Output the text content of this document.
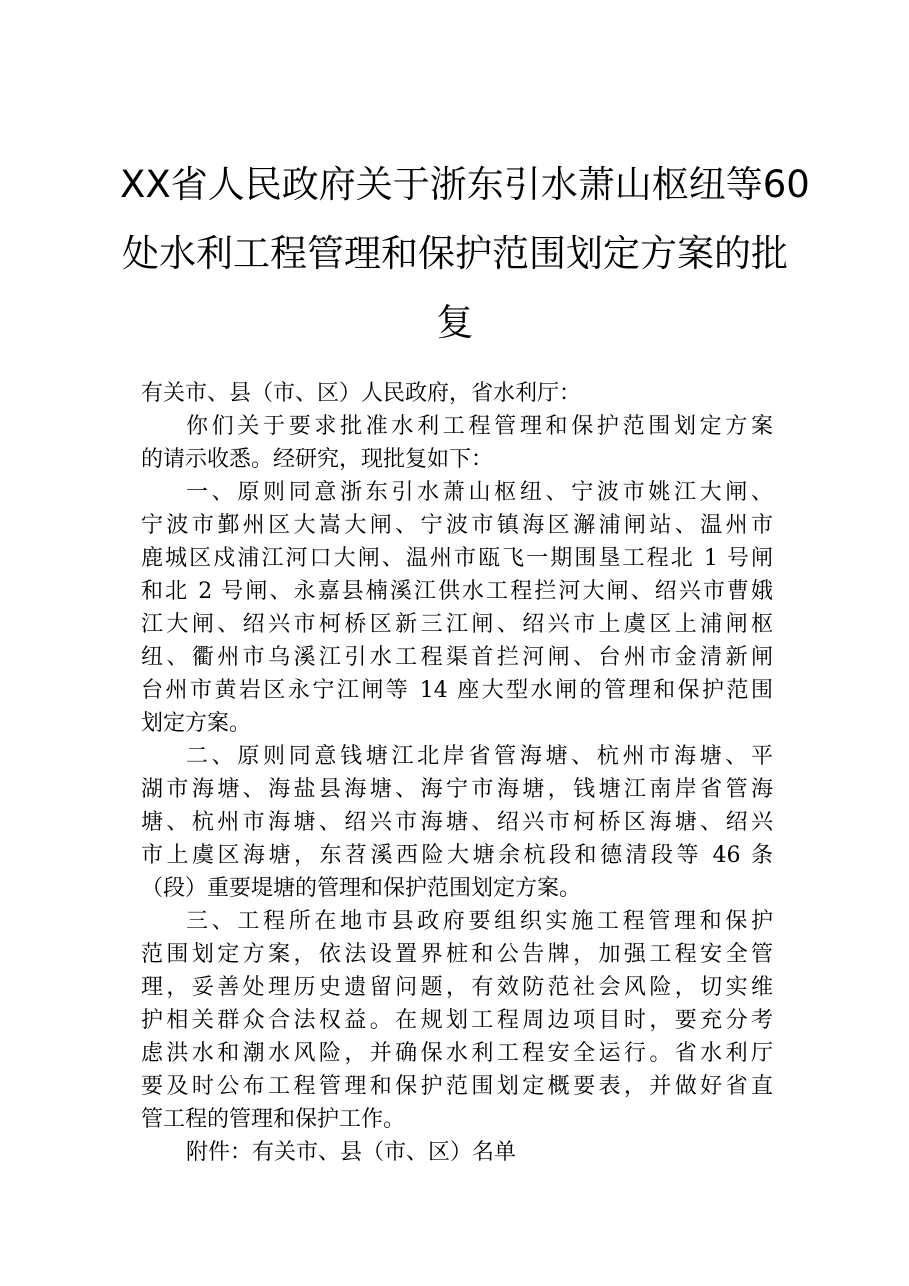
XX省人民政府关于浙东引水萧山枢纽等60
处水利工程管理和保护范围划定方案的批
复

有关市、县（市、区）人民政府，省水利厅：

你们关于要求批准水利工程管理和保护范围划定方案
的请示收悉。经研究，现批复如下：

一、原则同意浙东引水萧山枢纽、宁波市姚江大闸、
宁波市鄞州区大嵩大闸、宁波市镇海区澥浦闸站、温州市
鹿城区戍浦江河口大闸、温州市瓯飞一期围垦工程北 1 号闸
和北 2 号闸、永嘉县楠溪江供水工程拦河大闸、绍兴市曹娥
江大闸、绍兴市柯桥区新三江闸、绍兴市上虞区上浦闸枢
纽、衢州市乌溪江引水工程渠首拦河闸、台州市金清新闸
台州市黄岩区永宁江闸等 14 座大型水闸的管理和保护范围
划定方案。

二、原则同意钱塘江北岸省管海塘、杭州市海塘、平
湖市海塘、海盐县海塘、海宁市海塘，钱塘江南岸省管海
塘、杭州市海塘、绍兴市海塘、绍兴市柯桥区海塘、绍兴
市上虞区海塘，东苕溪西险大塘余杭段和德清段等 46 条
（段）重要堤塘的管理和保护范围划定方案。

三、工程所在地市县政府要组织实施工程管理和保护
范围划定方案，依法设置界桩和公告牌，加强工程安全管
理，妥善处理历史遗留问题，有效防范社会风险，切实维
护相关群众合法权益。在规划工程周边项目时，要充分考
虑洪水和潮水风险，并确保水利工程安全运行。省水利厅
要及时公布工程管理和保护范围划定概要表，并做好省直
管工程的管理和保护工作。

附件：有关市、县（市、区）名单
